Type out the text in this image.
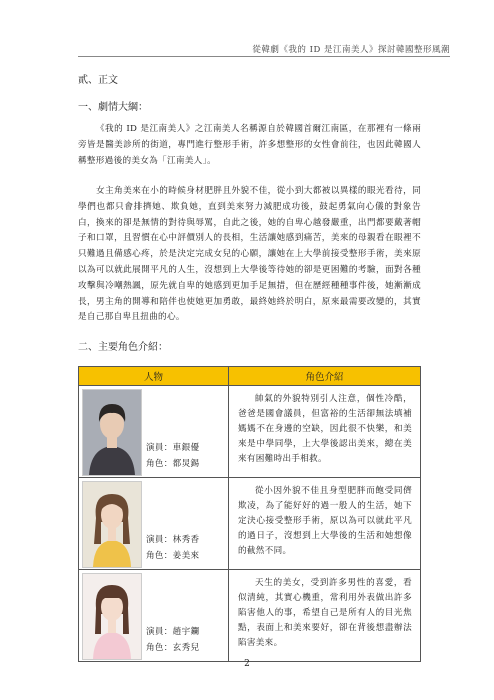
從韓劇《我的 ID 是江南美人》探討韓國整形風潮
貳、正文
一、劇情大綱：

《我的 ID 是江南美人》之江南美人名稱源自於韓國首爾江南區，在那裡有一條兩旁皆是醫美診所的街道，專門進行整形手術，許多想整形的女性會前往，也因此韓國人稱整形過後的美女為「江南美人」。

女主角美來在小的時候身材肥胖且外貌不佳，從小到大都被以異樣的眼光看待，同學們也都只會排擠她、欺負她，直到美來努力減肥成功後，鼓起勇氣向心儀的對象告白，換來的卻是無情的對待與辱罵，自此之後，她的自卑心越發嚴重，出門都要戴著帽子和口罩，且習慣在心中評價別人的長相，生活讓她感到痛苦，美來的母親看在眼裡不只難過且備感心疼，於是決定完成女兒的心願，讓她在上大學前接受整形手術，美來原以為可以就此展開平凡的人生，沒想到上大學後等待她的卻是更困難的考驗，面對各種攻擊與冷嘲熱諷，原先就自卑的她感到更加手足無措，但在歷經種種事件後，她漸漸成長，男主角的開導和陪伴也使她更加勇敢，最終她終於明白，原來最需要改變的，其實是自己那自卑且扭曲的心。

二、主要角色介紹：
人物	角色介紹

演員：車銀優
角色：都炅錫	帥氣的外貌特別引人注意，個性冷酷，爸爸是國會議員，但富裕的生活卻無法填補媽媽不在身邊的空缺，因此很不快樂，和美來是中學同學，上大學後認出美來，總在美來有困難時出手相救。

演員：林秀香
角色：姜美來	從小因外貌不佳且身型肥胖而飽受同儕欺凌，為了能好好的過一般人的生活，她下定決心接受整形手術，原以為可以就此平凡的過日子，沒想到上大學後的生活和她想像的截然不同。

演員：趙宇鑭
角色：玄秀兒	天生的美女，受到許多男性的喜愛，看似清純，其實心機重，常利用外表做出許多陷害他人的事，希望自己是所有人的目光焦點，表面上和美來要好，卻在背後想盡辦法陷害美來。
2
